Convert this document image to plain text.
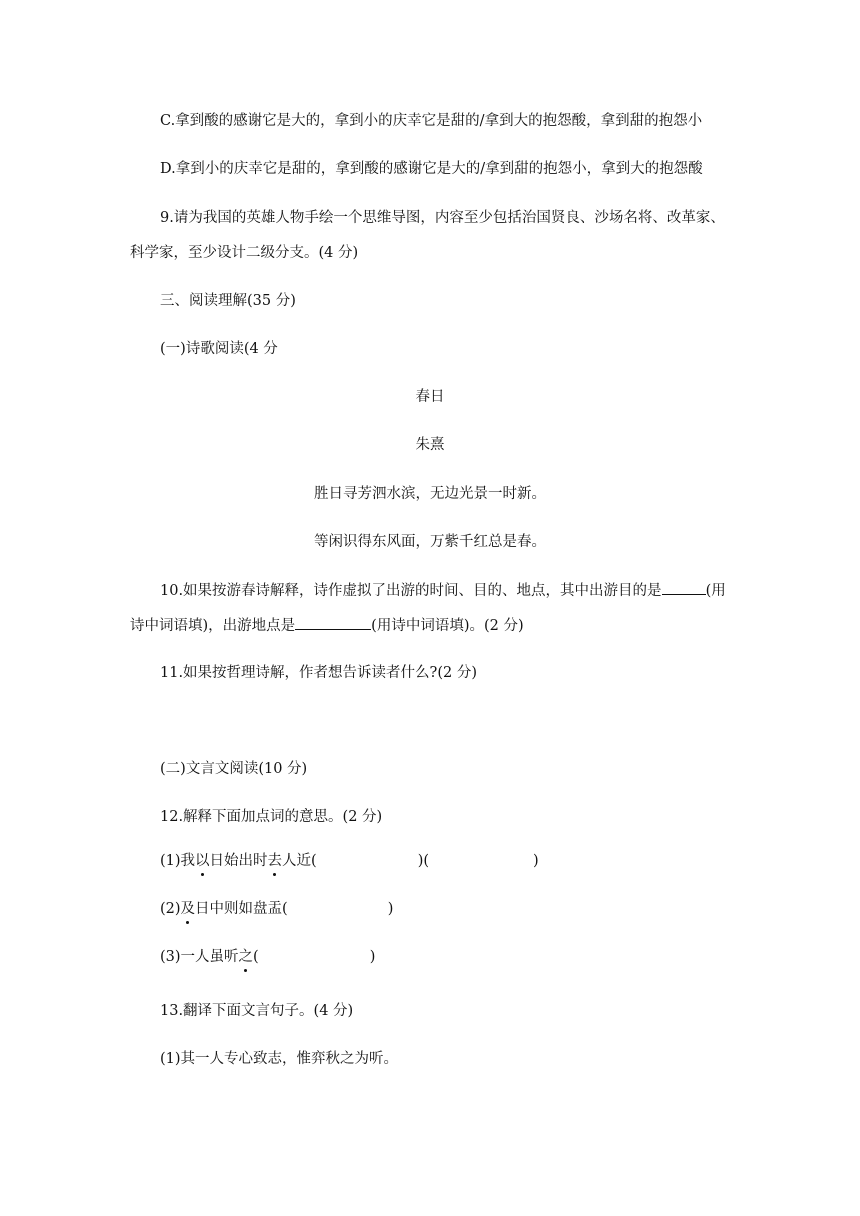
C.拿到酸的感谢它是大的，拿到小的庆幸它是甜的/拿到大的抱怨酸，拿到甜的抱怨小
D.拿到小的庆幸它是甜的，拿到酸的感谢它是大的/拿到甜的抱怨小，拿到大的抱怨酸
9.请为我国的英雄人物手绘一个思维导图，内容至少包括治国贤良、沙场名将、改革家、
科学家，至少设计二级分支。(4 分)
三、阅读理解(35 分)
(一)诗歌阅读(4 分
春日
朱熹
胜日寻芳泗水滨，无边光景一时新。
等闲识得东风面，万紫千红总是春。
10.如果按游春诗解释，诗作虚拟了出游的时间、目的、地点，其中出游目的是	(用
诗中词语填)，出游地点是	(用诗中词语填)。(2 分)
11.如果按哲理诗解，作者想告诉读者什么?(2 分)
(二)文言文阅读(10 分)
12.解释下面加点词的意思。(2 分)
(1)我以日始出时去人近(	)(	)
(2)及日中则如盘盂(	)
(3)一人虽听之(	)
13.翻译下面文言句子。(4 分)
(1)其一人专心致志，惟弈秋之为听。
